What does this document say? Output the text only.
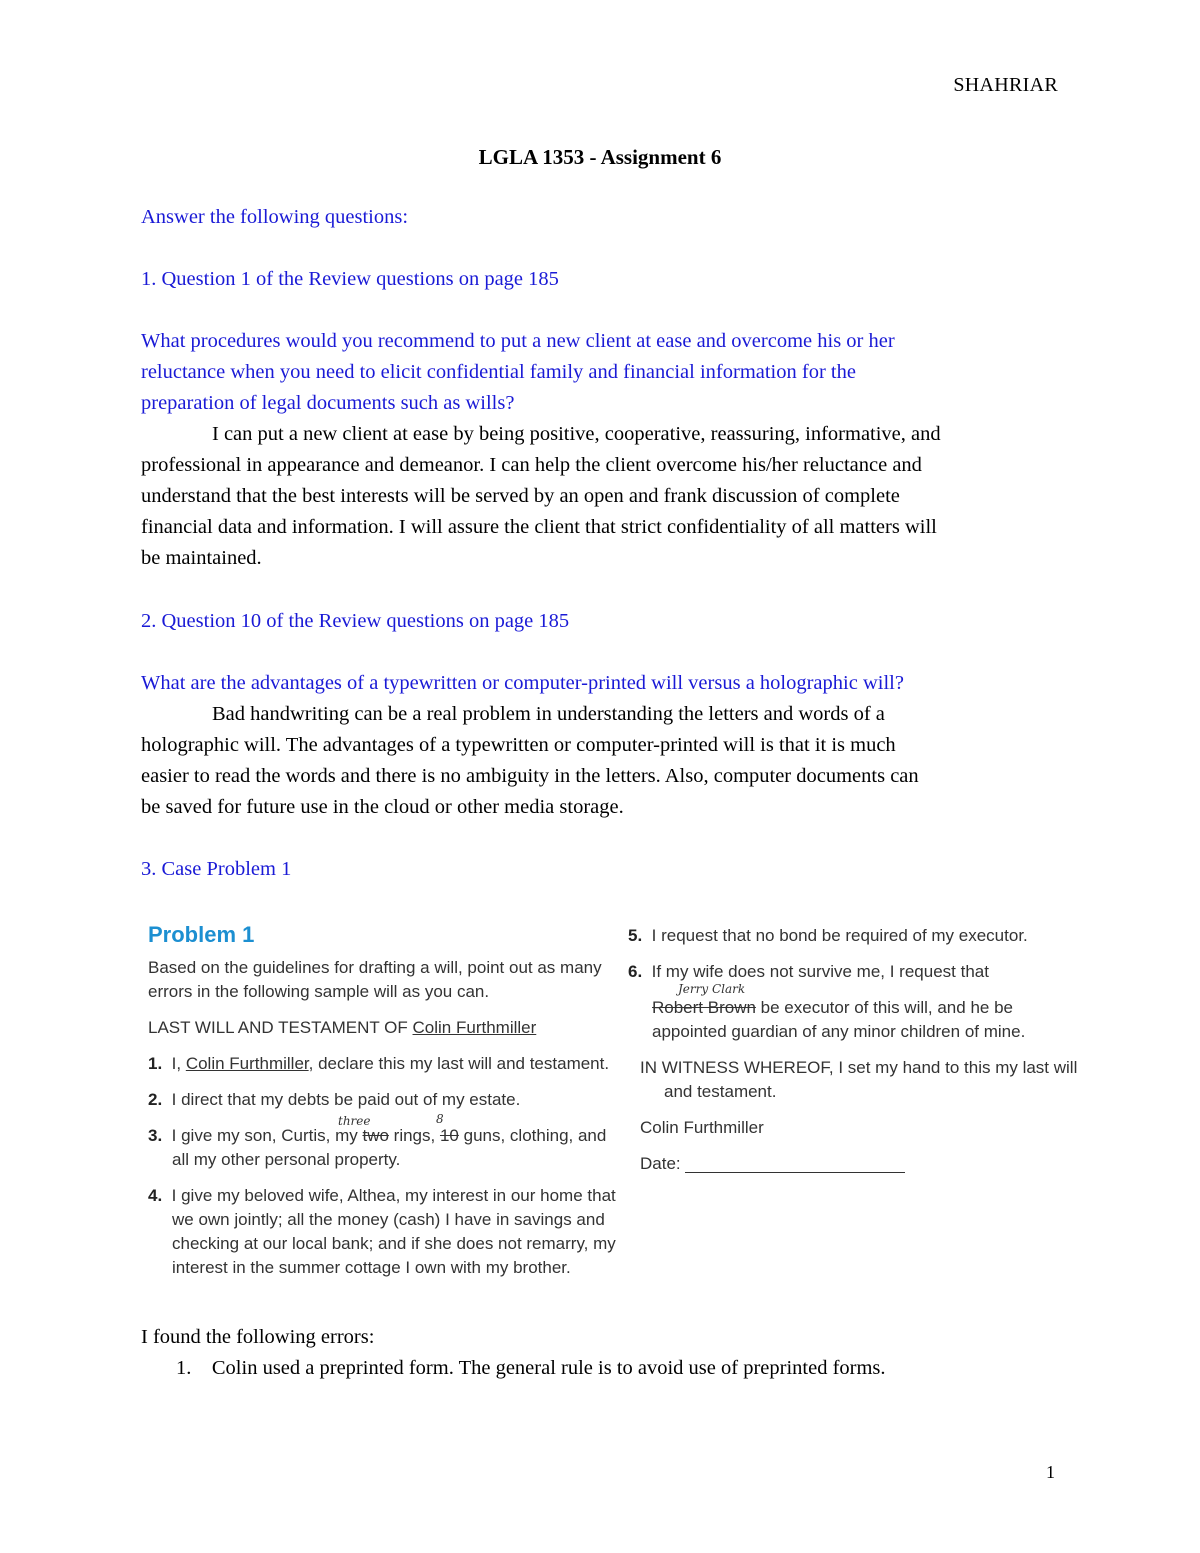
SHAHRIAR
LGLA 1353 - Assignment 6
Answer the following questions:
1. Question 1 of the Review questions on page 185
What procedures would you recommend to put a new client at ease and overcome his or her
reluctance when you need to elicit confidential family and financial information for the
preparation of legal documents such as wills?
I can put a new client at ease by being positive, cooperative, reassuring, informative, and
professional in appearance and demeanor. I can help the client overcome his/her reluctance and
understand that the best interests will be served by an open and frank discussion of complete
financial data and information. I will assure the client that strict confidentiality of all matters will
be maintained.
2. Question 10 of the Review questions on page 185
What are the advantages of a typewritten or computer-printed will versus a holographic will?
Bad handwriting can be a real problem in understanding the letters and words of a
holographic will. The advantages of a typewritten or computer-printed will is that it is much
easier to read the words and there is no ambiguity in the letters. Also, computer documents can
be saved for future use in the cloud or other media storage.
3. Case Problem 1
Problem 1
Based on the guidelines for drafting a will, point out as many
errors in the following sample will as you can.
LAST WILL AND TESTAMENT OF Colin Furthmiller
1. I, Colin Furthmiller, declare this my last will and testament.
2. I direct that my debts be paid out of my estate.
three	8
3. I give my son, Curtis, my two rings, 10 guns, clothing, and
all my other personal property.
4. I give my beloved wife, Althea, my interest in our home that
we own jointly; all the money (cash) I have in savings and
checking at our local bank; and if she does not remarry, my
interest in the summer cottage I own with my brother.
5. I request that no bond be required of my executor.
6. If my wife does not survive me, I request that
Jerry Clark
Robert Brown be executor of this will, and he be
appointed guardian of any minor children of mine.
IN WITNESS WHEREOF, I set my hand to this my last will
and testament.
Colin Furthmiller
Date:
I found the following errors:
1. Colin used a preprinted form. The general rule is to avoid use of preprinted forms.
1
